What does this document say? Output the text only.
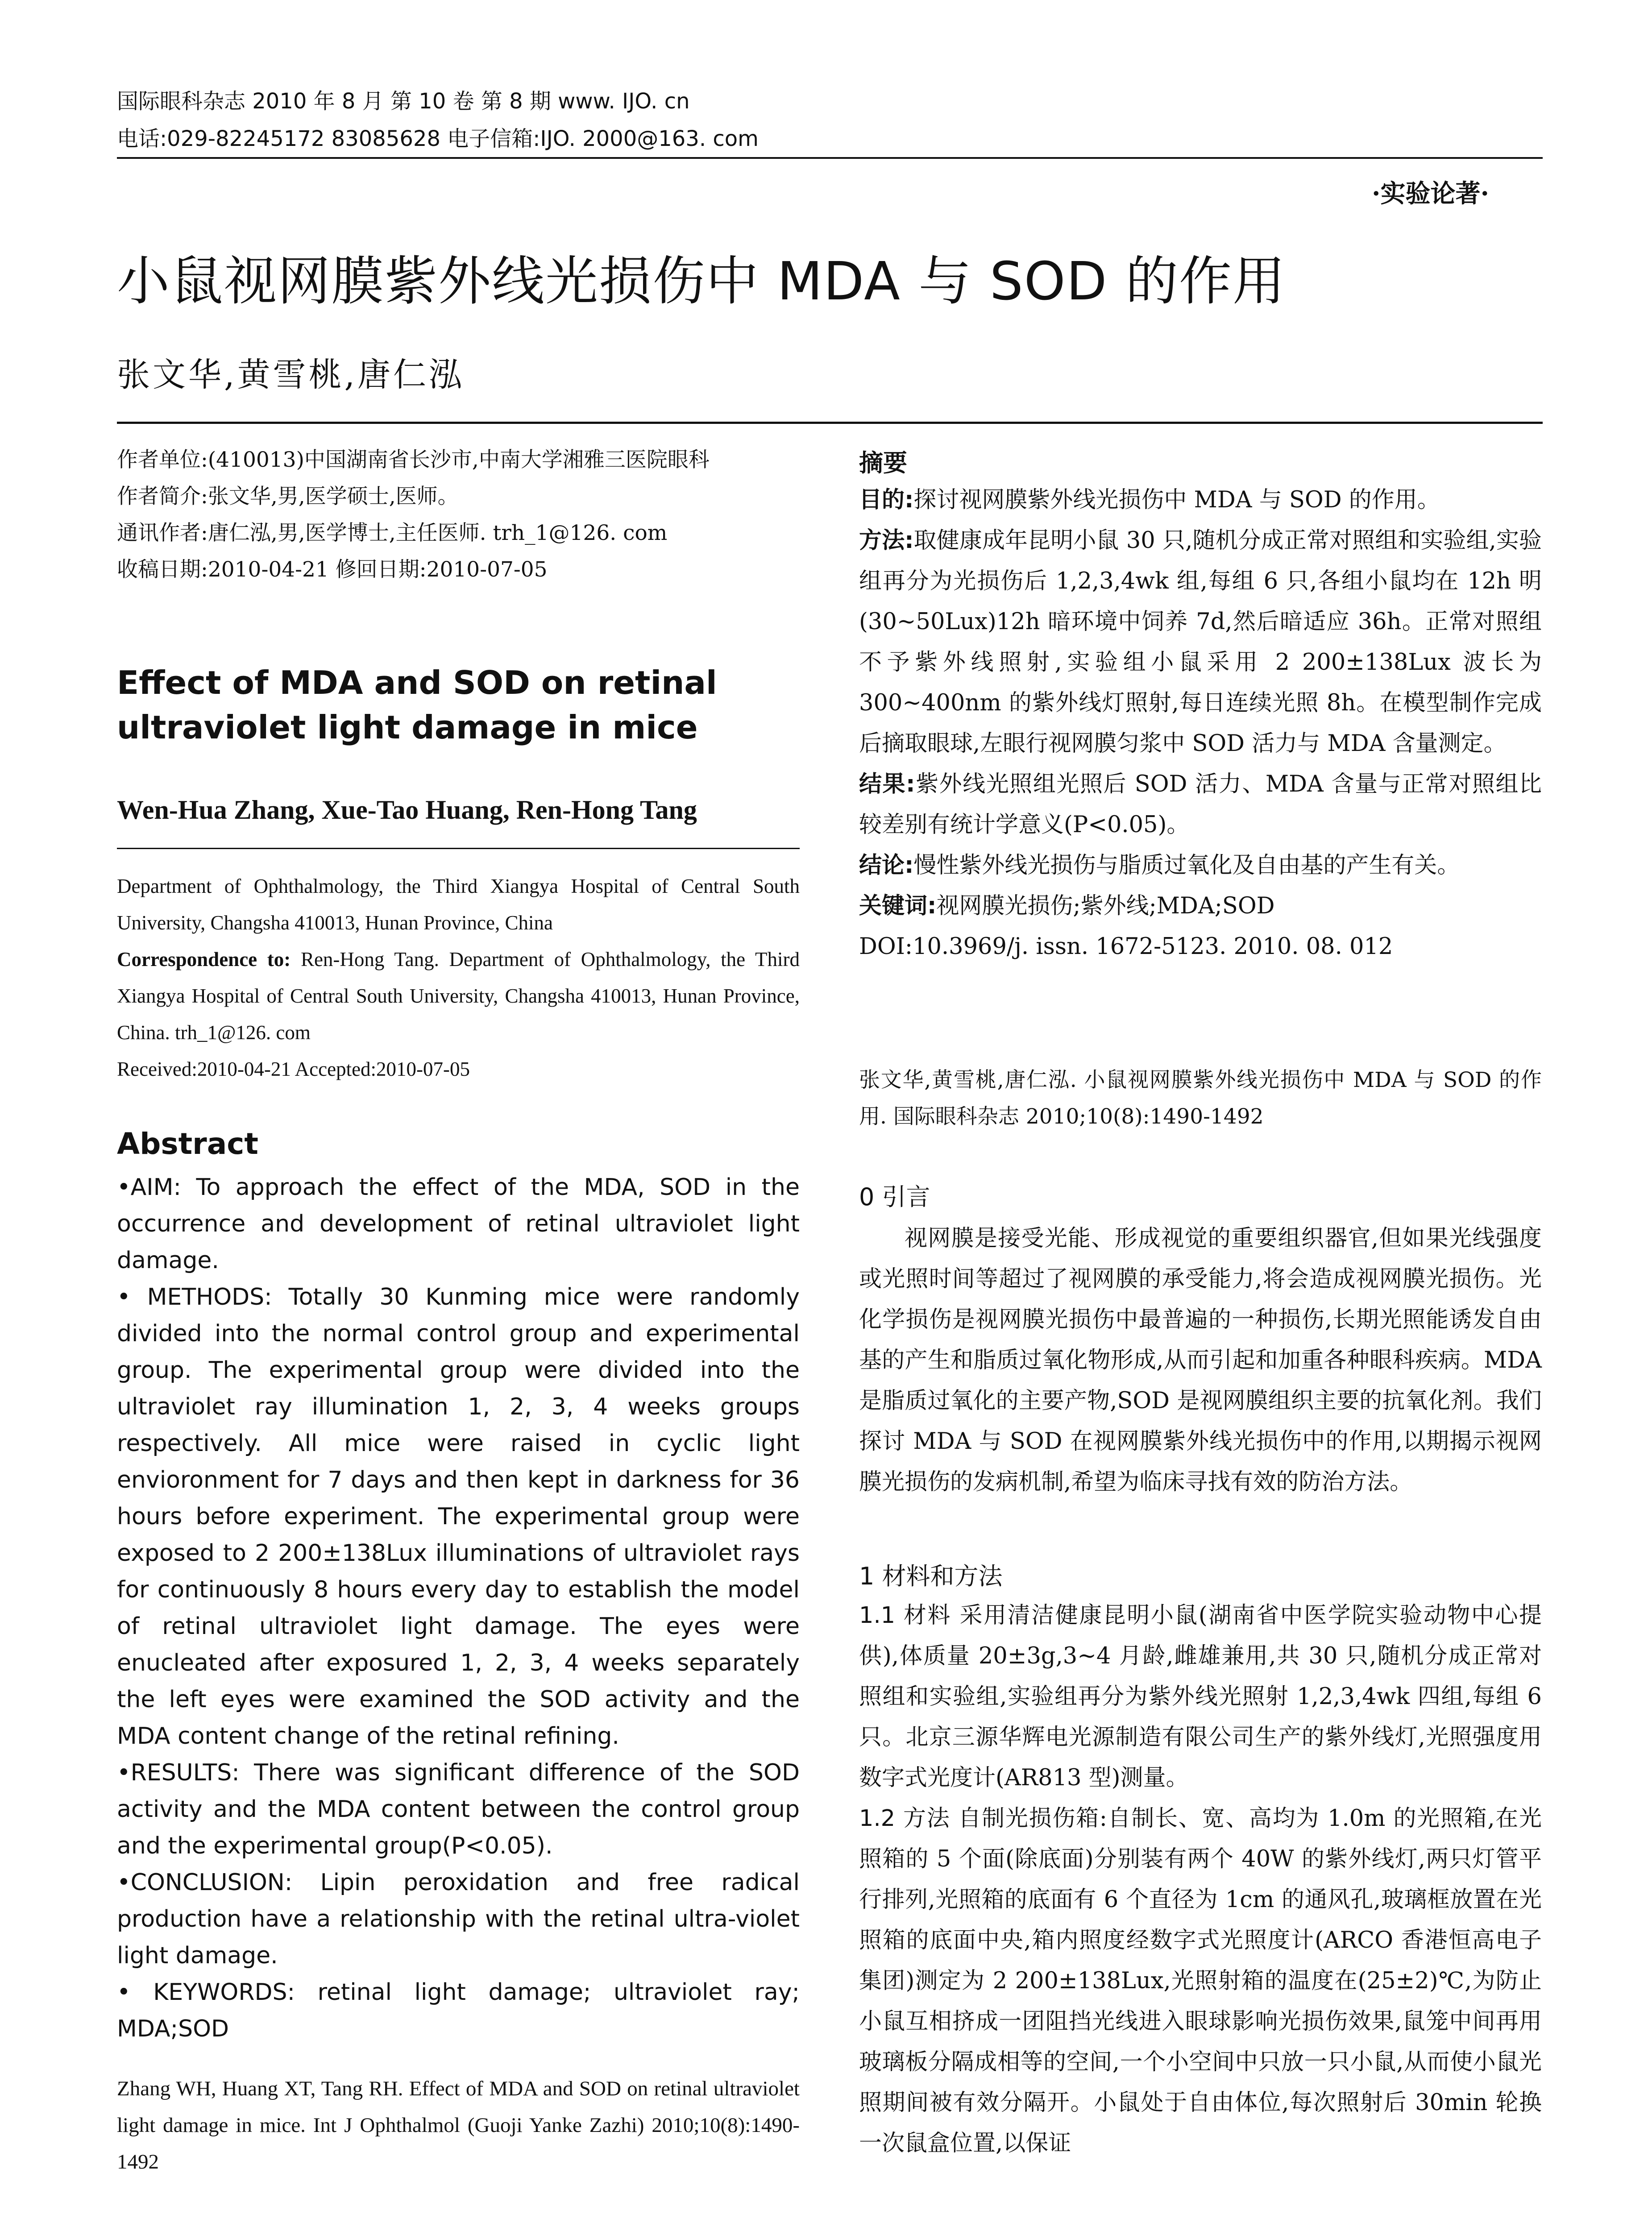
国际眼科杂志 2010 年 8 月 第 10 卷 第 8 期 www. IJO. cn
电话:029-82245172 83085628 电子信箱:IJO. 2000@163. com
·实验论著·
小鼠视网膜紫外线光损伤中 MDA 与 SOD 的作用
张文华,黄雪桃,唐仁泓

作者单位:(410013)中国湖南省长沙市,中南大学湘雅三医院眼科

作者简介:张文华,男,医学硕士,医师。

通讯作者:唐仁泓,男,医学博士,主任医师. trh_1@126. com

收稿日期:2010-04-21 修回日期:2010-07-05

Effect of MDA and SOD on retinal ultraviolet light damage in mice
Wen-Hua Zhang, Xue-Tao Huang, Ren-Hong Tang

Department of Ophthalmology, the Third Xiangya Hospital of Central South University, Changsha 410013, Hunan Province, China

Correspondence to: Ren-Hong Tang. Department of Ophthalmology, the Third Xiangya Hospital of Central South University, Changsha 410013, Hunan Province, China. trh_1@126. com

Received:2010-04-21 Accepted:2010-07-05

Abstract

•AIM: To approach the effect of the MDA, SOD in the occurrence and development of retinal ultraviolet light damage.

• METHODS: Totally 30 Kunming mice were randomly divided into the normal control group and experimental group. The experimental group were divided into the ultraviolet ray illumination 1, 2, 3, 4 weeks groups respectively. All mice were raised in cyclic light envioronment for 7 days and then kept in darkness for 36 hours before experiment. The experimental group were exposed to 2 200±138Lux illuminations of ultraviolet rays for continuously 8 hours every day to establish the model of retinal ultraviolet light damage. The eyes were enucleated after exposured 1, 2, 3, 4 weeks separately the left eyes were examined the SOD activity and the MDA content change of the retinal refining.

•RESULTS: There was significant difference of the SOD activity and the MDA content between the control group and the experimental group(P<0.05).

•CONCLUSION: Lipin peroxidation and free radical production have a relationship with the retinal ultra-violet light damage.

• KEYWORDS: retinal light damage; ultraviolet ray; MDA;SOD

Zhang WH, Huang XT, Tang RH. Effect of MDA and SOD on retinal ultraviolet light damage in mice. Int J Ophthalmol (Guoji Yanke Zazhi) 2010;10(8):1490-1492
摘要

目的:探讨视网膜紫外线光损伤中 MDA 与 SOD 的作用。

方法:取健康成年昆明小鼠 30 只,随机分成正常对照组和实验组,实验组再分为光损伤后 1,2,3,4wk 组,每组 6 只,各组小鼠均在 12h 明(30~50Lux)12h 暗环境中饲养 7d,然后暗适应 36h。正常对照组不予紫外线照射,实验组小鼠采用 2 200±138Lux 波长为 300~400nm 的紫外线灯照射,每日连续光照 8h。在模型制作完成后摘取眼球,左眼行视网膜匀浆中 SOD 活力与 MDA 含量测定。

结果:紫外线光照组光照后 SOD 活力、MDA 含量与正常对照组比较差别有统计学意义(P<0.05)。

结论:慢性紫外线光损伤与脂质过氧化及自由基的产生有关。

关键词:视网膜光损伤;紫外线;MDA;SOD

DOI:10.3969/j. issn. 1672-5123. 2010. 08. 012

张文华,黄雪桃,唐仁泓. 小鼠视网膜紫外线光损伤中 MDA 与 SOD 的作用. 国际眼科杂志 2010;10(8):1490-1492
0 引言
视网膜是接受光能、形成视觉的重要组织器官,但如果光线强度或光照时间等超过了视网膜的承受能力,将会造成视网膜光损伤。光化学损伤是视网膜光损伤中最普遍的一种损伤,长期光照能诱发自由基的产生和脂质过氧化物形成,从而引起和加重各种眼科疾病。MDA 是脂质过氧化的主要产物,SOD 是视网膜组织主要的抗氧化剂。我们探讨 MDA 与 SOD 在视网膜紫外线光损伤中的作用,以期揭示视网膜光损伤的发病机制,希望为临床寻找有效的防治方法。
1 材料和方法

1.1 材料 采用清洁健康昆明小鼠(湖南省中医学院实验动物中心提供),体质量 20±3g,3~4 月龄,雌雄兼用,共 30 只,随机分成正常对照组和实验组,实验组再分为紫外线光照射 1,2,3,4wk 四组,每组 6 只。北京三源华辉电光源制造有限公司生产的紫外线灯,光照强度用数字式光度计(AR813 型)测量。

1.2 方法 自制光损伤箱:自制长、宽、高均为 1.0m 的光照箱,在光照箱的 5 个面(除底面)分别装有两个 40W 的紫外线灯,两只灯管平行排列,光照箱的底面有 6 个直径为 1cm 的通风孔,玻璃框放置在光照箱的底面中央,箱内照度经数字式光照度计(ARCO 香港恒高电子集团)测定为 2 200±138Lux,光照射箱的温度在(25±2)℃,为防止小鼠互相挤成一团阻挡光线进入眼球影响光损伤效果,鼠笼中间再用玻璃板分隔成相等的空间,一个小空间中只放一只小鼠,从而使小鼠光照期间被有效分隔开。小鼠处于自由体位,每次照射后 30min 轮换一次鼠盒位置,以保证
